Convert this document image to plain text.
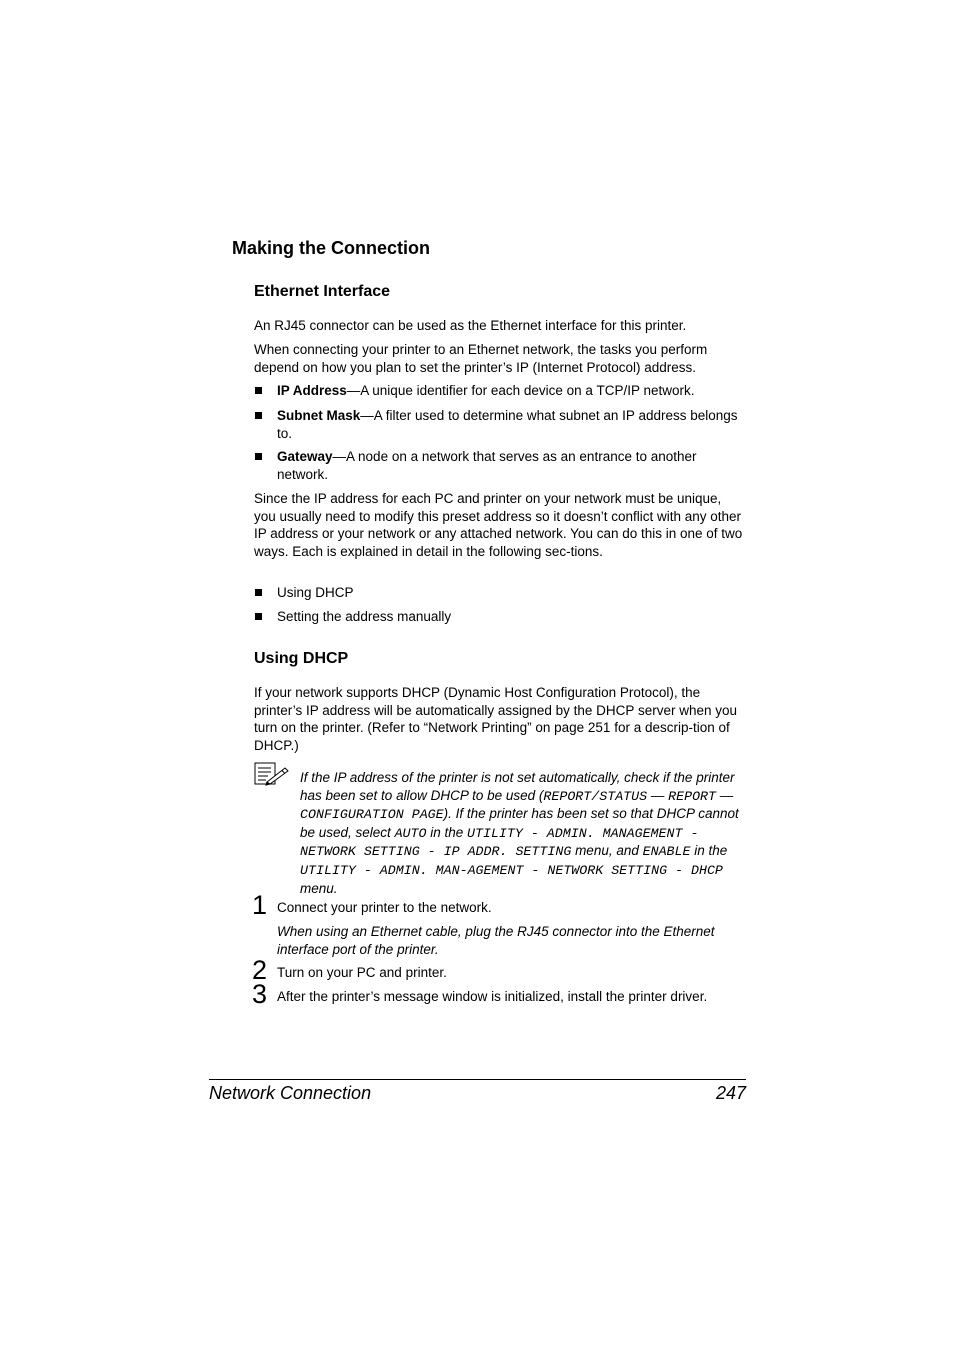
Making the Connection
Ethernet Interface
An RJ45 connector can be used as the Ethernet interface for this printer.
When connecting your printer to an Ethernet network, the tasks you perform depend on how you plan to set the printer’s IP (Internet Protocol) address.
IP Address—A unique identifier for each device on a TCP/IP network.
Subnet Mask—A filter used to determine what subnet an IP address belongs to.
Gateway—A node on a network that serves as an entrance to another network.
Since the IP address for each PC and printer on your network must be unique, you usually need to modify this preset address so it doesn’t conflict with any other IP address or your network or any attached network. You can do this in one of two ways. Each is explained in detail in the following sec-tions.
Using DHCP
Setting the address manually
Using DHCP
If your network supports DHCP (Dynamic Host Configuration Protocol), the printer’s IP address will be automatically assigned by the DHCP server when you turn on the printer. (Refer to “Network Printing” on page 251 for a descrip-tion of DHCP.)
If the IP address of the printer is not set automatically, check if the printer has been set to allow DHCP to be used (REPORT/STATUS — REPORT — CONFIGURATION PAGE). If the printer has been set so that DHCP cannot be used, select AUTO in the UTILITY - ADMIN. MANAGEMENT - NETWORK SETTING - IP ADDR. SETTING menu, and ENABLE in the UTILITY - ADMIN. MAN-AGEMENT - NETWORK SETTING - DHCP menu.
1 Connect your printer to the network.
When using an Ethernet cable, plug the RJ45 connector into the Ethernet interface port of the printer.
2 Turn on your PC and printer.
3 After the printer’s message window is initialized, install the printer driver.
Network Connection	247
